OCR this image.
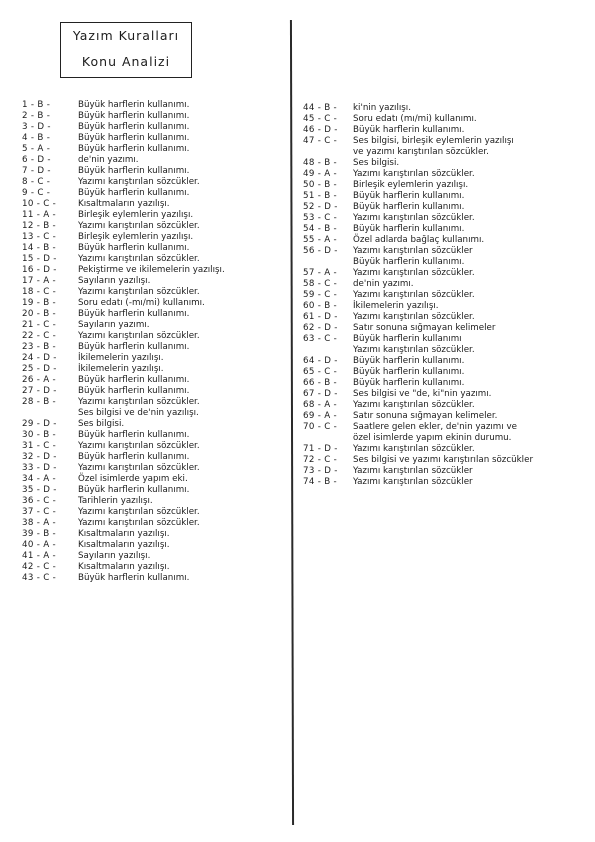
Yazım Kuralları
Konu Analizi
1 - B -	Büyük harflerin kullanımı.
2 - B -	Büyük harflerin kullanımı.
3 - D -	Büyük harflerin kullanımı.
4 - B -	Büyük harflerin kullanımı.
5 - A -	Büyük harflerin kullanımı.
6 - D -	de'nin yazımı.
7 - D -	Büyük harflerin kullanımı.
8 - C -	Yazımı karıştırılan sözcükler.
9 - C -	Büyük harflerin kullanımı.
10 - C -	Kısaltmaların yazılışı.
11 - A -	Birleşik eylemlerin yazılışı.
12 - B -	Yazımı karıştırılan sözcükler.
13 - C -	Birleşik eylemlerin yazılışı.
14 - B -	Büyük harflerin kullanımı.
15 - D - Yazımı karıştırılan sözcükler.
16 - D - Pekiştirme ve ikilemelerin yazılışı.
17 - A -	Sayıların yazılışı.
18 - C -	Yazımı karıştırılan sözcükler.
19 - B -	Soru edatı (-mı/mi) kullanımı.
20 - B -	Büyük harflerin kullanımı.
21 - C -	Sayıların yazımı.
22 - C -	Yazımı karıştırılan sözcükler.
23 - B -	Büyük harflerin kullanımı.
24 - D - İkilemelerin yazılışı.
25 - D - İkilemelerin yazılışı.
26 - A -	Büyük harflerin kullanımı.
27 - D - Büyük harflerin kullanımı.
28 - B -	Yazımı karıştırılan sözcükler.
Ses bilgisi ve de'nin yazılışı.
29 - D - Ses bilgisi.
30 - B -	Büyük harflerin kullanımı.
31 - C -	Yazımı karıştırılan sözcükler.
32 - D - Büyük harflerin kullanımı.
33 - D - Yazımı karıştırılan sözcükler.
34 - A -	Özel isimlerde yapım eki.
35 - D - Büyük harflerin kullanımı.
36 - C -	Tarihlerin yazılışı.
37 - C -	Yazımı karıştırılan sözcükler.
38 - A -	Yazımı karıştırılan sözcükler.
39 - B -	Kısaltmaların yazılışı.
40 - A -	Kısaltmaların yazılışı.
41 - A -	Sayıların yazılışı.
42 - C -	Kısaltmaların yazılışı.
43 - C -	Büyük harflerin kullanımı.
44 - B - ki'nin yazılışı.
45 - C - Soru edatı (mı/mi) kullanımı.
46 - D - Büyük harflerin kullanımı.
47 - C - Ses bilgisi, birleşik eylemlerin yazılışı
ve yazımı karıştırılan sözcükler.
48 - B - Ses bilgisi.
49 - A - Yazımı karıştırılan sözcükler.
50 - B - Birleşik eylemlerin yazılışı.
51 - B - Büyük harflerin kullanımı.
52 - D - Büyük harflerin kullanımı.
53 - C - Yazımı karıştırılan sözcükler.
54 - B - Büyük harflerin kullanımı.
55 - A - Özel adlarda bağlaç kullanımı.
56 - D - Yazımı karıştırılan sözcükler
Büyük harflerin kullanımı.
57 - A - Yazımı karıştırılan sözcükler.
58 - C - de'nin yazımı.
59 - C - Yazımı karıştırılan sözcükler.
60 - B - İkilemelerin yazılışı.
61 - D - Yazımı karıştırılan sözcükler.
62 - D - Satır sonuna sığmayan kelimeler
63 - C - Büyük harflerin kullanımı
Yazımı karıştırılan sözcükler.
64 - D - Büyük harflerin kullanımı.
65 - C - Büyük harflerin kullanımı.
66 - B - Büyük harflerin kullanımı.
67 - D - Ses bilgisi ve "de, ki"nin yazımı.
68 - A - Yazımı karıştırılan sözcükler.
69 - A - Satır sonuna sığmayan kelimeler.
70 - C - Saatlere gelen ekler, de'nin yazımı ve
özel isimlerde yapım ekinin durumu.
71 - D - Yazımı karıştırılan sözcükler.
72 - C - Ses bilgisi ve yazımı karıştırılan sözcükler
73 - D - Yazımı karıştırılan sözcükler
74 - B - Yazımı karıştırılan sözcükler
